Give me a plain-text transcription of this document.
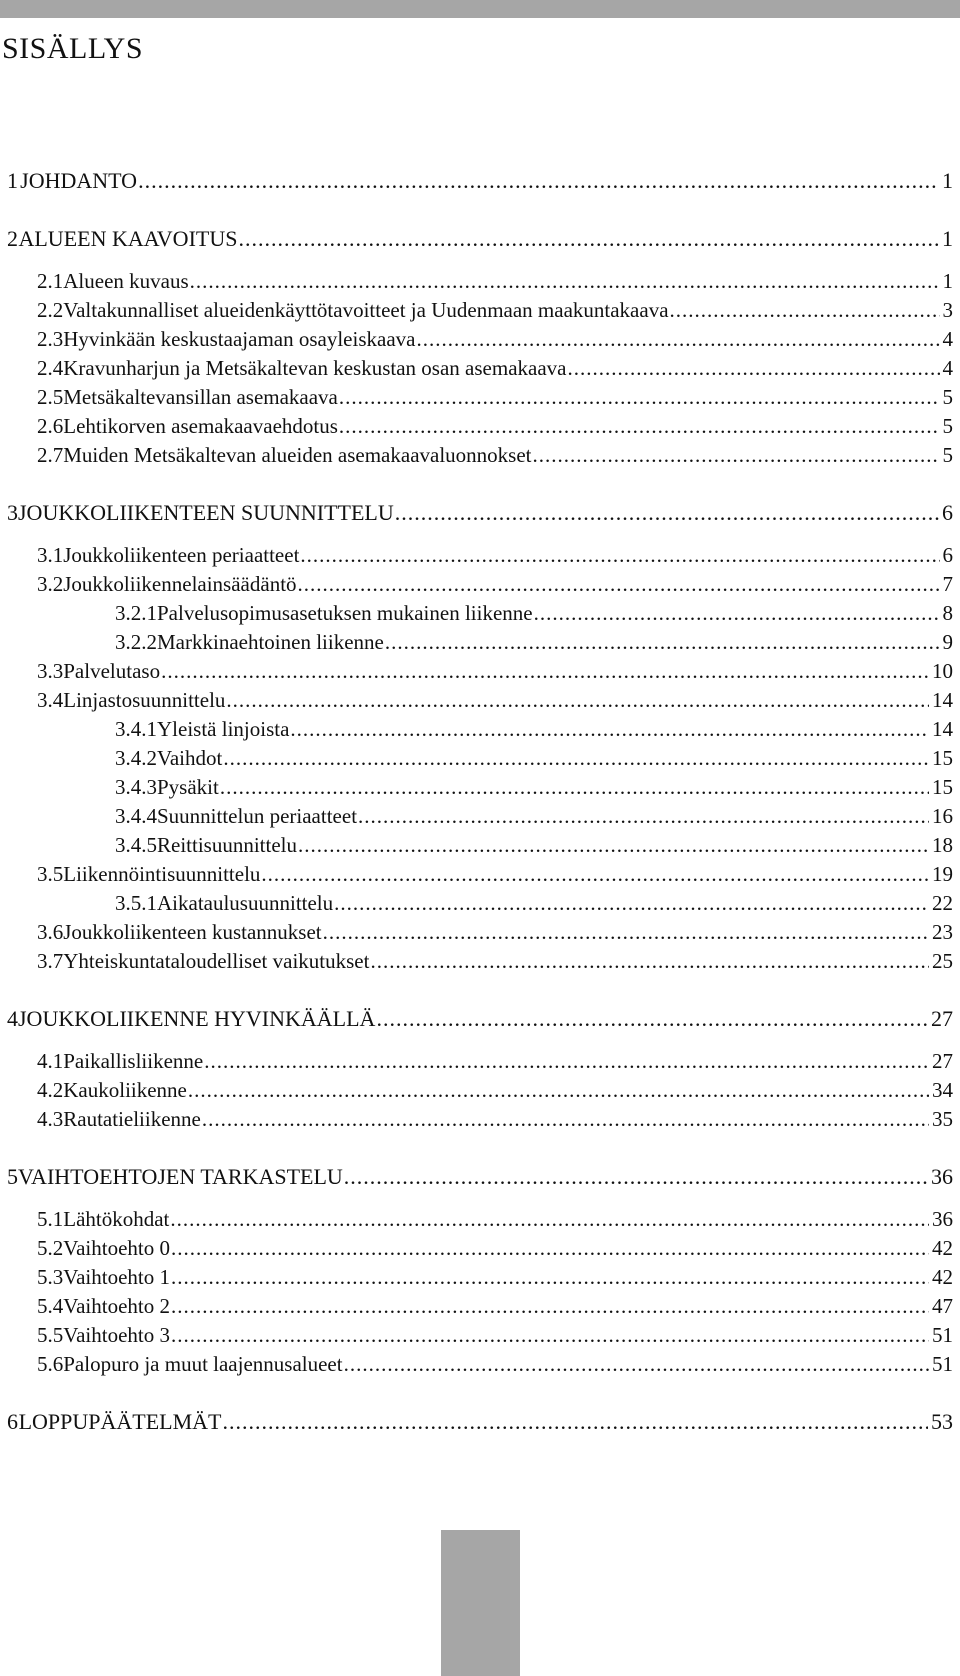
SISÄLLYS
1 JOHDANTO .....	1
2 ALUEEN KAAVOITUS .....	1
2.1 Alueen kuvaus .....	1
2.2 Valtakunnalliset alueidenkäyttötavoitteet ja Uudenmaan maakuntakaava .....	3
2.3 Hyvinkään keskustaajaman osayleiskaava .....	4
2.4 Kravunharjun ja Metsäkaltevan keskustan osan asemakaava .....	4
2.5 Metsäkaltevansillan asemakaava .....	5
2.6 Lehtikorven asemakaavaehdotus .....	5
2.7 Muiden Metsäkaltevan alueiden asemakaavaluonnokset .....	5
3 JOUKKOLIIKENTEEN SUUNNITTELU .....	6
3.1 Joukkoliikenteen periaatteet .....	6
3.2 Joukkoliikennelainsäädäntö .....	7
3.2.1 Palvelusopimusasetuksen mukainen liikenne .....	8
3.2.2 Markkinaehtoinen liikenne .....	9
3.3 Palvelutaso .....	10
3.4 Linjastosuunnittelu .....	14
3.4.1 Yleistä linjoista .....	14
3.4.2 Vaihdot .....	15
3.4.3 Pysäkit .....	15
3.4.4 Suunnittelun periaatteet .....	16
3.4.5 Reittisuunnittelu .....	18
3.5 Liikennöintisuunnittelu .....	19
3.5.1 Aikataulusuunnittelu .....	22
3.6 Joukkoliikenteen kustannukset .....	23
3.7 Yhteiskuntataloudelliset vaikutukset .....	25
4 JOUKKOLIIKENNE HYVINKÄÄLLÄ .....	27
4.1 Paikallisliikenne .....	27
4.2 Kaukoliikenne .....	34
4.3 Rautatieliikenne .....	35
5 VAIHTOEHTOJEN TARKASTELU .....	36
5.1 Lähtökohdat .....	36
5.2 Vaihtoehto 0 .....	42
5.3 Vaihtoehto 1 .....	42
5.4 Vaihtoehto 2 .....	47
5.5 Vaihtoehto 3 .....	51
5.6 Palopuro ja muut laajennusalueet .....	51
6 LOPPUPÄÄTELMÄT .....	53
